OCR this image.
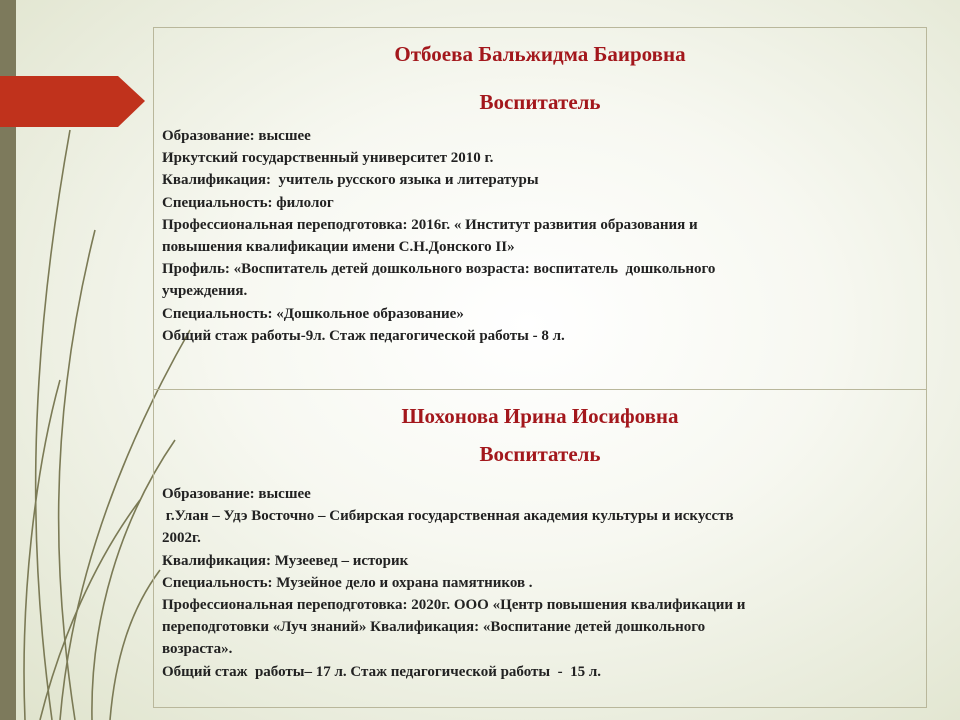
Отбоева Бальжидма Баировна
Воспитатель
Образование: высшее
Иркутский государственный университет 2010 г.
Квалификация:  учитель русского языка и литературы
Специальность: филолог
Профессиональная переподготовка: 2016г. « Институт развития образования и
повышения квалификации имени С.Н.Донского II»
Профиль: «Воспитатель детей дошкольного возраста: воспитатель  дошкольного
учреждения.
Специальность: «Дошкольное образование»
Общий стаж работы-9л. Стаж педагогической работы - 8 л.
Шохонова Ирина Иосифовна
Воспитатель
Образование: высшее
г.Улан – Удэ Восточно – Сибирская государственная академия культуры и искусств
2002г.
Квалификация: Музеевед – историк
Специальность: Музейное дело и охрана памятников .
Профессиональная переподготовка: 2020г. ООО «Центр повышения квалификации и
переподготовки «Луч знаний» Квалификация: «Воспитание детей дошкольного
возраста».
Общий стаж  работы– 17 л. Стаж педагогической работы  -  15 л.
